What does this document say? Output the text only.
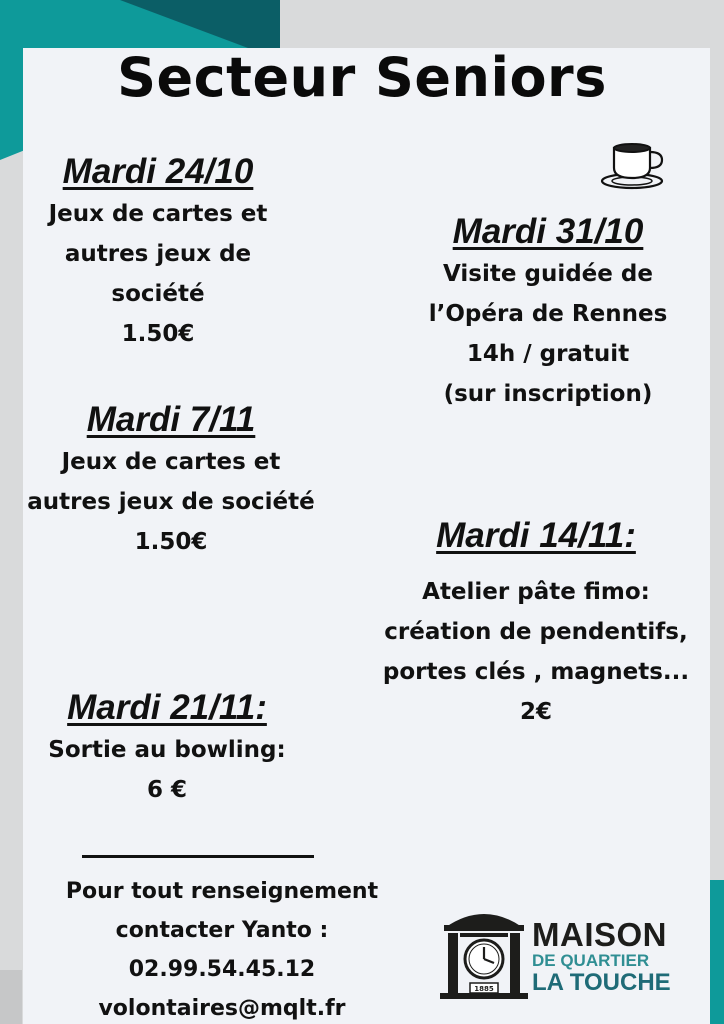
Secteur Seniors
Mardi 24/10
Jeux de cartes et
autres jeux de
société
1.50€
Mardi 31/10
Visite guidée de
l’Opéra de Rennes
14h / gratuit
(sur inscription)
Mardi 7/11
Jeux de cartes et
autres jeux de société
1.50€	Mardi 14/11:
Atelier pâte fimo:
création de pendentifs,
portes clés , magnets...
2€
Mardi 21/11:
Sortie au bowling:
6 €
Pour tout renseignement
contacter Yanto :
02.99.54.45.12
volontaires@mqlt.fr
1885
MAISON
DE QUARTIER
LA TOUCHE
